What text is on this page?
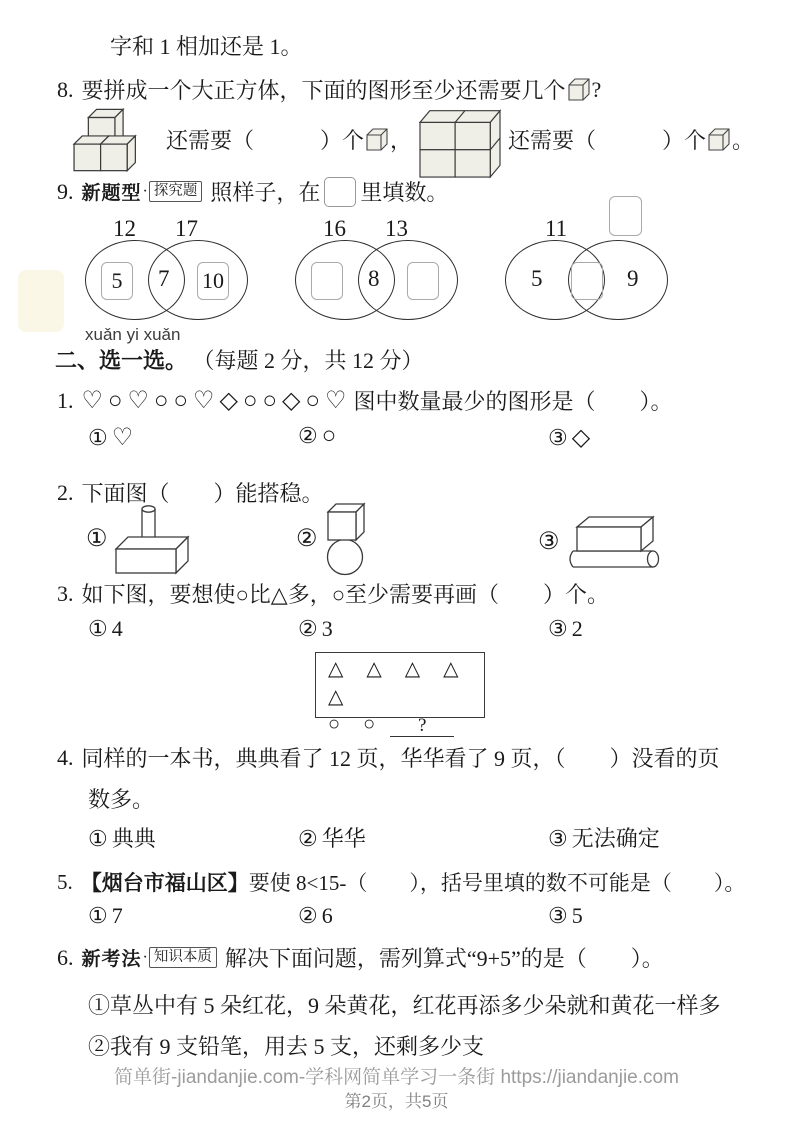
字和 1 相加还是 1。
8. 要拼成一个大正方体，下面的图形至少还需要几个 ?
还需要（　　　）个 ，	还需要（　　　）个 。
9. 新题型 · 探究题 照样子，在 里填数。
12 17
5 7 10
16 13
8
11
5	9
xuǎn yi xuǎn
二、选一选。 （每题 2 分，共 12 分）
1. ♡○♡○○♡◇○○◇○♡ 图中数量最少的图形是（　　）。
① ♡	② ○	③ ◇
2. 下面图（　　）能搭稳。
①	②	③
3. 如下图，要想使○比△多，○至少需要再画（　　）个。
① 4	② 3	③ 2
△ △ △ △ △
○ ○	?
4. 同样的一本书，典典看了 12 页，华华看了 9 页，（　　）没看的页
数多。
① 典典	② 华华	③ 无法确定
5. 【烟台市福山区】 要使 8<15-（　　），括号里填的数不可能是（　　）。
① 7	② 6	③ 5
6. 新考法 · 知识本质 解决下面问题，需列算式“9+5”的是（　　）。
①草丛中有 5 朵红花，9 朵黄花，红花再添多少朵就和黄花一样多
②我有 9 支铅笔，用去 5 支，还剩多少支
简单街-jiandanjie.com-学科网简单学习一条街 https://jiandanjie.com
第2页，共5页
